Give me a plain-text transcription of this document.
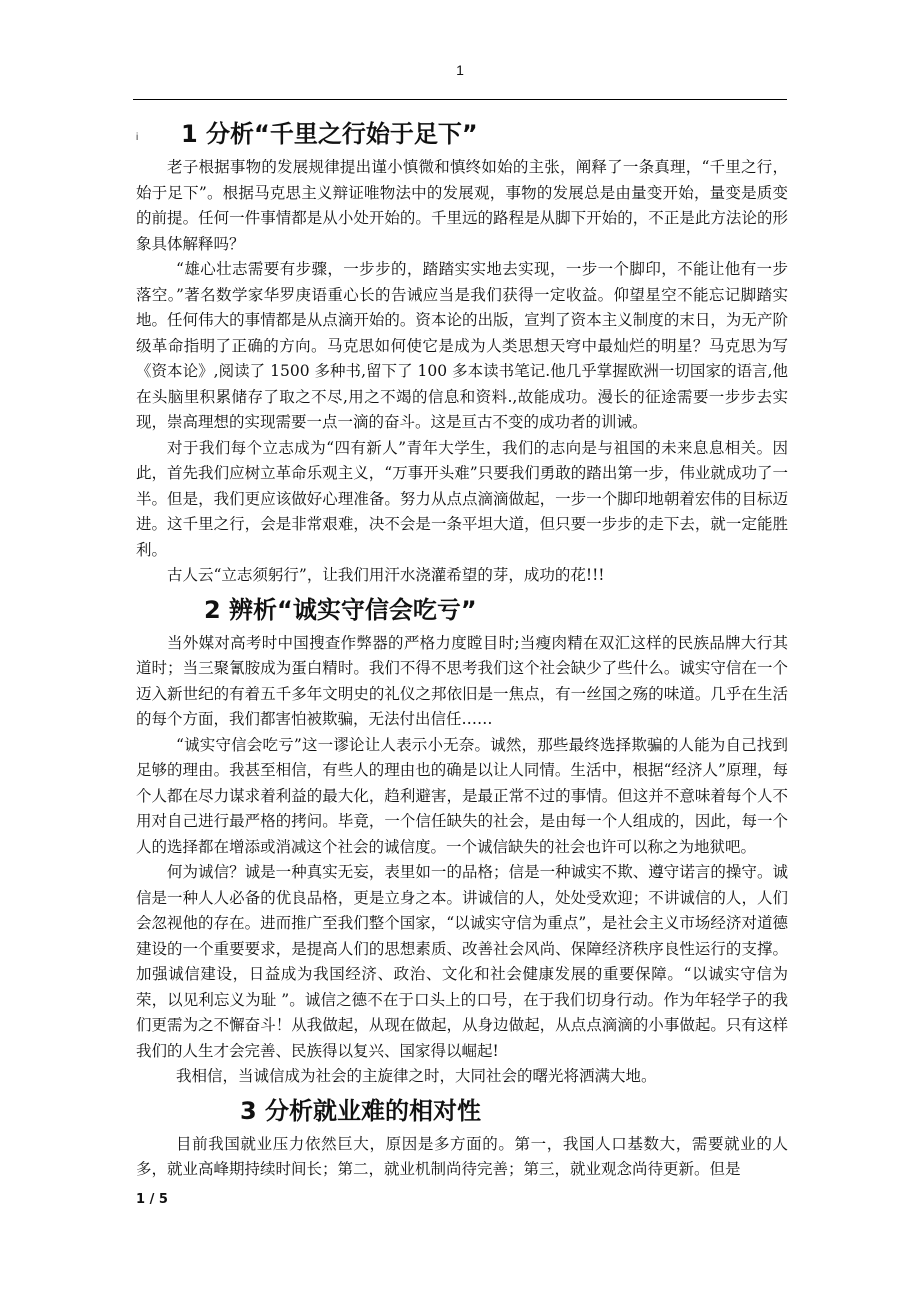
1
i	1 分析“千里之行始于足下”

老子根据事物的发展规律提出谨小慎微和慎终如始的主张，阐释了一条真理，“千里之行，始于足下”。根据马克思主义辩证唯物法中的发展观，事物的发展总是由量变开始，量变是质变的前提。任何一件事情都是从小处开始的。千里远的路程是从脚下开始的，不正是此方法论的形象具体解释吗？

“雄心壮志需要有步骤，一步步的，踏踏实实地去实现，一步一个脚印，不能让他有一步落空。”著名数学家华罗庚语重心长的告诫应当是我们获得一定收益。仰望星空不能忘记脚踏实地。任何伟大的事情都是从点滴开始的。资本论的出版，宣判了资本主义制度的末日，为无产阶级革命指明了正确的方向。马克思如何使它是成为人类思想天穹中最灿烂的明星？马克思为写《资本论》,阅读了 1500 多种书,留下了 100 多本读书笔记.他几乎掌握欧洲一切国家的语言,他在头脑里积累储存了取之不尽,用之不竭的信息和资料.,故能成功。漫长的征途需要一步步去实现，崇高理想的实现需要一点一滴的奋斗。这是亘古不变的成功者的训诫。

对于我们每个立志成为“四有新人”青年大学生，我们的志向是与祖国的未来息息相关。因此，首先我们应树立革命乐观主义，“万事开头难”只要我们勇敢的踏出第一步，伟业就成功了一半。但是，我们更应该做好心理准备。努力从点点滴滴做起，一步一个脚印地朝着宏伟的目标迈进。这千里之行，会是非常艰难，决不会是一条平坦大道，但只要一步步的走下去，就一定能胜利。

古人云“立志须躬行”，让我们用汗水浇灌希望的芽，成功的花!!!

2 辨析“诚实守信会吃亏”

当外媒对高考时中国搜查作弊器的严格力度瞠目时;当瘦肉精在双汇这样的民族品牌大行其道时；当三聚氰胺成为蛋白精时。我们不得不思考我们这个社会缺少了些什么。诚实守信在一个迈入新世纪的有着五千多年文明史的礼仪之邦依旧是一焦点，有一丝国之殇的味道。几乎在生活的每个方面，我们都害怕被欺骗，无法付出信任……

“诚实守信会吃亏”这一谬论让人表示小无奈。诚然，那些最终选择欺骗的人能为自己找到足够的理由。我甚至相信，有些人的理由也的确是以让人同情。生活中，根据“经济人”原理，每个人都在尽力谋求着利益的最大化，趋利避害，是最正常不过的事情。但这并不意味着每个人不用对自己进行最严格的拷问。毕竟，一个信任缺失的社会，是由每一个人组成的，因此，每一个人的选择都在增添或消减这个社会的诚信度。一个诚信缺失的社会也许可以称之为地狱吧。

何为诚信？诚是一种真实无妄，表里如一的品格；信是一种诚实不欺、遵守诺言的操守。诚信是一种人人必备的优良品格，更是立身之本。讲诚信的人，处处受欢迎；不讲诚信的人，人们会忽视他的存在。进而推广至我们整个国家，“以诚实守信为重点”，是社会主义市场经济对道德建设的一个重要要求，是提高人们的思想素质、改善社会风尚、保障经济秩序良性运行的支撑。加强诚信建设，日益成为我国经济、政治、文化和社会健康发展的重要保障。“以诚实守信为荣，以见利忘义为耻 ”。诚信之德不在于口头上的口号，在于我们切身行动。作为年轻学子的我们更需为之不懈奋斗！从我做起，从现在做起，从身边做起，从点点滴滴的小事做起。只有这样我们的人生才会完善、民族得以复兴、国家得以崛起!

我相信，当诚信成为社会的主旋律之时，大同社会的曙光将洒满大地。

3 分析就业难的相对性

目前我国就业压力依然巨大，原因是多方面的。第一，我国人口基数大，需要就业的人多，就业高峰期持续时间长；第二，就业机制尚待完善；第三，就业观念尚待更新。但是

1 / 5
